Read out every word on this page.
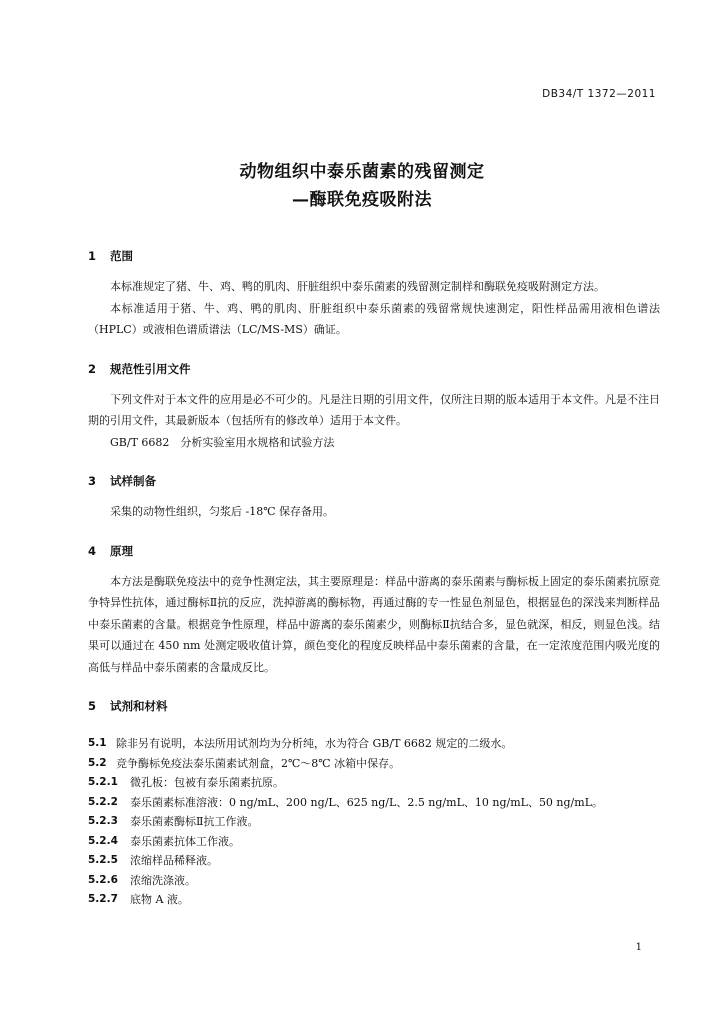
DB34/T 1372—2011
动物组织中泰乐菌素的残留测定
—酶联免疫吸附法
1	范围

本标准规定了猪、牛、鸡、鸭的肌肉、肝脏组织中泰乐菌素的残留测定制样和酶联免疫吸附测定方法。

本标准适用于猪、牛、鸡、鸭的肌肉、肝脏组织中泰乐菌素的残留常规快速测定，阳性样品需用液相色谱法（HPLC）或液相色谱质谱法（LC/MS-MS）确证。

2	规范性引用文件

下列文件对于本文件的应用是必不可少的。凡是注日期的引用文件，仅所注日期的版本适用于本文件。凡是不注日期的引用文件，其最新版本（包括所有的修改单）适用于本文件。

GB/T 6682　分析实验室用水规格和试验方法

3	试样制备

采集的动物性组织，匀浆后 -18℃ 保存备用。

4	原理

本方法是酶联免疫法中的竞争性测定法，其主要原理是：样品中游离的泰乐菌素与酶标板上固定的泰乐菌素抗原竞争特异性抗体，通过酶标Ⅱ抗的反应，洗掉游离的酶标物，再通过酶的专一性显色剂显色，根据显色的深浅来判断样品中泰乐菌素的含量。根据竞争性原理，样品中游离的泰乐菌素少，则酶标Ⅱ抗结合多，显色就深，相反，则显色浅。结果可以通过在 450 nm 处测定吸收值计算，颜色变化的程度反映样品中泰乐菌素的含量，在一定浓度范围内吸光度的高低与样品中泰乐菌素的含量成反比。

5	试剂和材料
5.1 除非另有说明，本法所用试剂均为分析纯，水为符合 GB/T 6682 规定的二级水。
5.2 竞争酶标免疫法泰乐菌素试剂盒，2℃～8℃ 冰箱中保存。
5.2.1	微孔板：包被有泰乐菌素抗原。
5.2.2	泰乐菌素标准溶液：0 ng/mL、200 ng/L、625 ng/L、2.5 ng/mL、10 ng/mL、50 ng/mL。
5.2.3	泰乐菌素酶标Ⅱ抗工作液。
5.2.4	泰乐菌素抗体工作液。
5.2.5	浓缩样品稀释液。
5.2.6	浓缩洗涤液。
5.2.7	底物 A 液。
1
